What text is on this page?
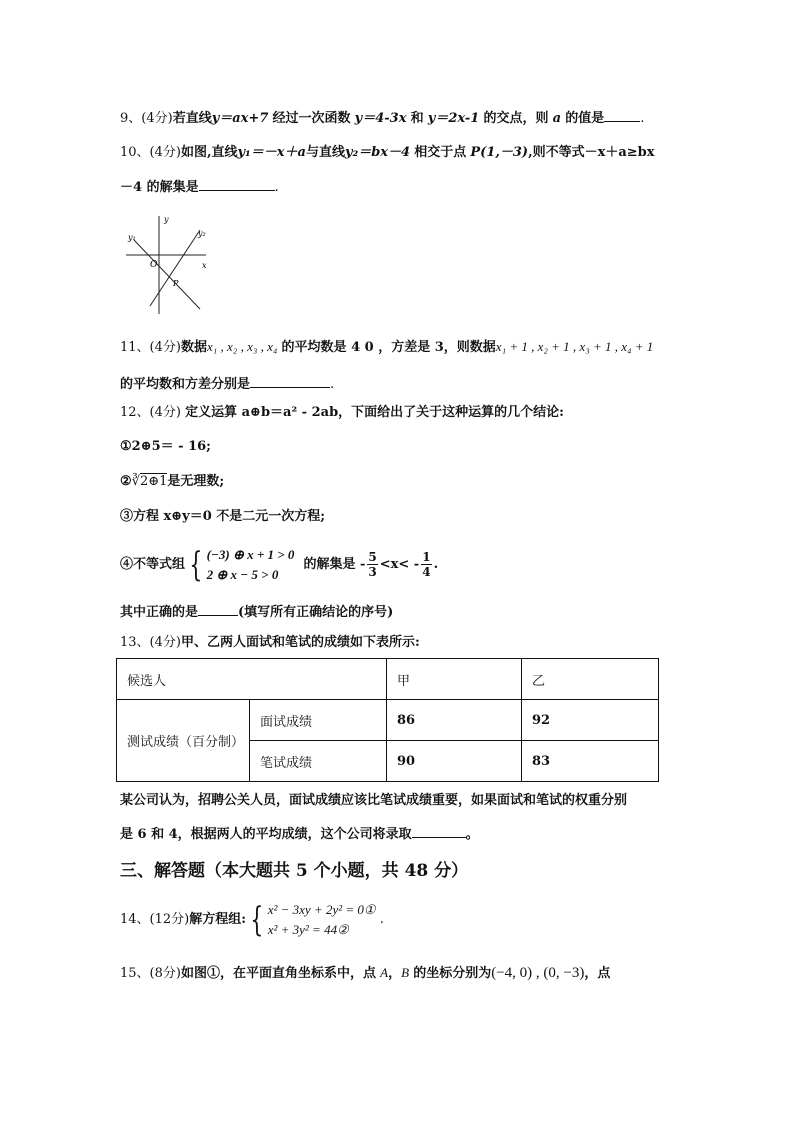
9、(4分)若直线y＝ax+7 经过一次函数 y＝4-3x 和 y＝2x-1 的交点，则 a 的值是	.
10、(4分)如图,直线y₁＝－x＋a与直线y₂＝bx－4 相交于点 P(1,－3),则不等式－x＋a≥bx
－4 的解集是	.
y
x
O
P
y₁	y₂
11、(4分)数据x₁ , x₂ , x₃ , x₄ 的平均数是 4 0 ，方差是 3，则数据x₁ + 1 , x₂ + 1 , x₃ + 1 , x₄ + 1
的平均数和方差分别是	.
12、(4分) 定义运算 a⊕b＝a² - 2ab，下面给出了关于这种运算的几个结论:
①2⊕5＝ - 16;
②∛2⊕1是无理数;
③方程 x⊕y＝0 不是二元一次方程;
④不等式组 { (−3) ⊕ x + 1 > 0
2 ⊕ x − 5 > 0
的解集是 - $\frac{5}{3} <x< - \frac{1}{4}$ .
其中正确的是	(填写所有正确结论的序号)
13、(4分)甲、乙两人面试和笔试的成绩如下表所示:
候选人		甲	乙
测试成绩（百分制）	面试成绩	86	92
	笔试成绩	90	83
某公司认为，招聘公关人员，面试成绩应该比笔试成绩重要，如果面试和笔试的权重分别
是 6 和 4，根据两人的平均成绩，这个公司将录取	。
三、解答题（本大题共 5 个小题，共 48 分）
14、(12分)解方程组: { x² − 3xy + 2y² = 0①
x² + 3y² = 44②
.
15、(8分)如图①，在平面直角坐标系中，点 A，B 的坐标分别为(−4, 0) , (0, −3)，点
